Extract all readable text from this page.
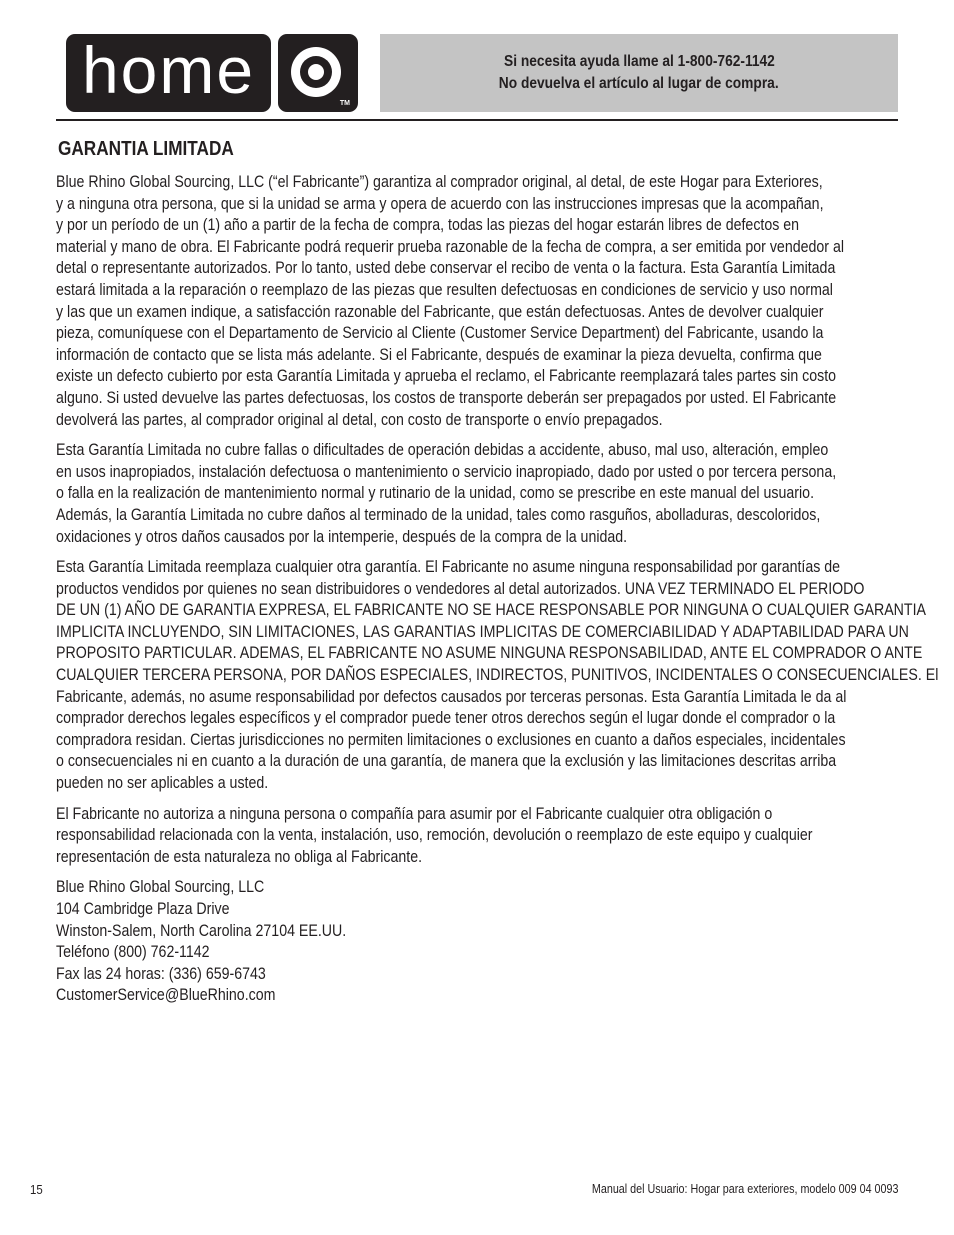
home	TM
Si necesita ayuda llame al 1-800-762-1142
No devuelva el artículo al lugar de compra.
GARANTIA LIMITADA
Blue Rhino Global Sourcing, LLC (“el Fabricante”) garantiza al comprador original, al detal, de este Hogar para Exteriores,
y a ninguna otra persona, que si la unidad se arma y opera de acuerdo con las instrucciones impresas que la acompañan,
y por un período de un (1) año a partir de la fecha de compra, todas las piezas del hogar estarán libres de defectos en
material y mano de obra. El Fabricante podrá requerir prueba razonable de la fecha de compra, a ser emitida por vendedor al
detal o representante autorizados. Por lo tanto, usted debe conservar el recibo de venta o la factura. Esta Garantía Limitada
estará limitada a la reparación o reemplazo de las piezas que resulten defectuosas en condiciones de servicio y uso normal
y las que un examen indique, a satisfacción razonable del Fabricante, que están defectuosas. Antes de devolver cualquier
pieza, comuníquese con el Departamento de Servicio al Cliente (Customer Service Department) del Fabricante, usando la
información de contacto que se lista más adelante. Si el Fabricante, después de examinar la pieza devuelta, confirma que
existe un defecto cubierto por esta Garantía Limitada y aprueba el reclamo, el Fabricante reemplazará tales partes sin costo
alguno. Si usted devuelve las partes defectuosas, los costos de transporte deberán ser prepagados por usted. El Fabricante
devolverá las partes, al comprador original al detal, con costo de transporte o envío prepagados.
Esta Garantía Limitada no cubre fallas o dificultades de operación debidas a accidente, abuso, mal uso, alteración, empleo
en usos inapropiados, instalación defectuosa o mantenimiento o servicio inapropiado, dado por usted o por tercera persona,
o falla en la realización de mantenimiento normal y rutinario de la unidad, como se prescribe en este manual del usuario.
Además, la Garantía Limitada no cubre daños al terminado de la unidad, tales como rasguños, abolladuras, descoloridos,
oxidaciones y otros daños causados por la intemperie, después de la compra de la unidad.
Esta Garantía Limitada reemplaza cualquier otra garantía. El Fabricante no asume ninguna responsabilidad por garantías de
productos vendidos por quienes no sean distribuidores o vendedores al detal autorizados. UNA VEZ TERMINADO EL PERIODO
DE UN (1) AÑO DE GARANTIA EXPRESA, EL FABRICANTE NO SE HACE RESPONSABLE POR NINGUNA O CUALQUIER GARANTIA
IMPLICITA INCLUYENDO, SIN LIMITACIONES, LAS GARANTIAS IMPLICITAS DE COMERCIABILIDAD Y ADAPTABILIDAD PARA UN
PROPOSITO PARTICULAR. ADEMAS, EL FABRICANTE NO ASUME NINGUNA RESPONSABILIDAD, ANTE EL COMPRADOR O ANTE
CUALQUIER TERCERA PERSONA, POR DAÑOS ESPECIALES, INDIRECTOS, PUNITIVOS, INCIDENTALES O CONSECUENCIALES. El
Fabricante, además, no asume responsabilidad por defectos causados por terceras personas. Esta Garantía Limitada le da al
comprador derechos legales específicos y el comprador puede tener otros derechos según el lugar donde el comprador o la
compradora residan. Ciertas jurisdicciones no permiten limitaciones o exclusiones en cuanto a daños especiales, incidentales
o consecuenciales ni en cuanto a la duración de una garantía, de manera que la exclusión y las limitaciones descritas arriba
pueden no ser aplicables a usted.
El Fabricante no autoriza a ninguna persona o compañía para asumir por el Fabricante cualquier otra obligación o
responsabilidad relacionada con la venta, instalación, uso, remoción, devolución o reemplazo de este equipo y cualquier
representación de esta naturaleza no obliga al Fabricante.
Blue Rhino Global Sourcing, LLC
104 Cambridge Plaza Drive
Winston-Salem, North Carolina 27104 EE.UU.
Teléfono (800) 762-1142
Fax las 24 horas: (336) 659-6743
CustomerService@BlueRhino.com
15	Manual del Usuario: Hogar para exteriores, modelo 009 04 0093
